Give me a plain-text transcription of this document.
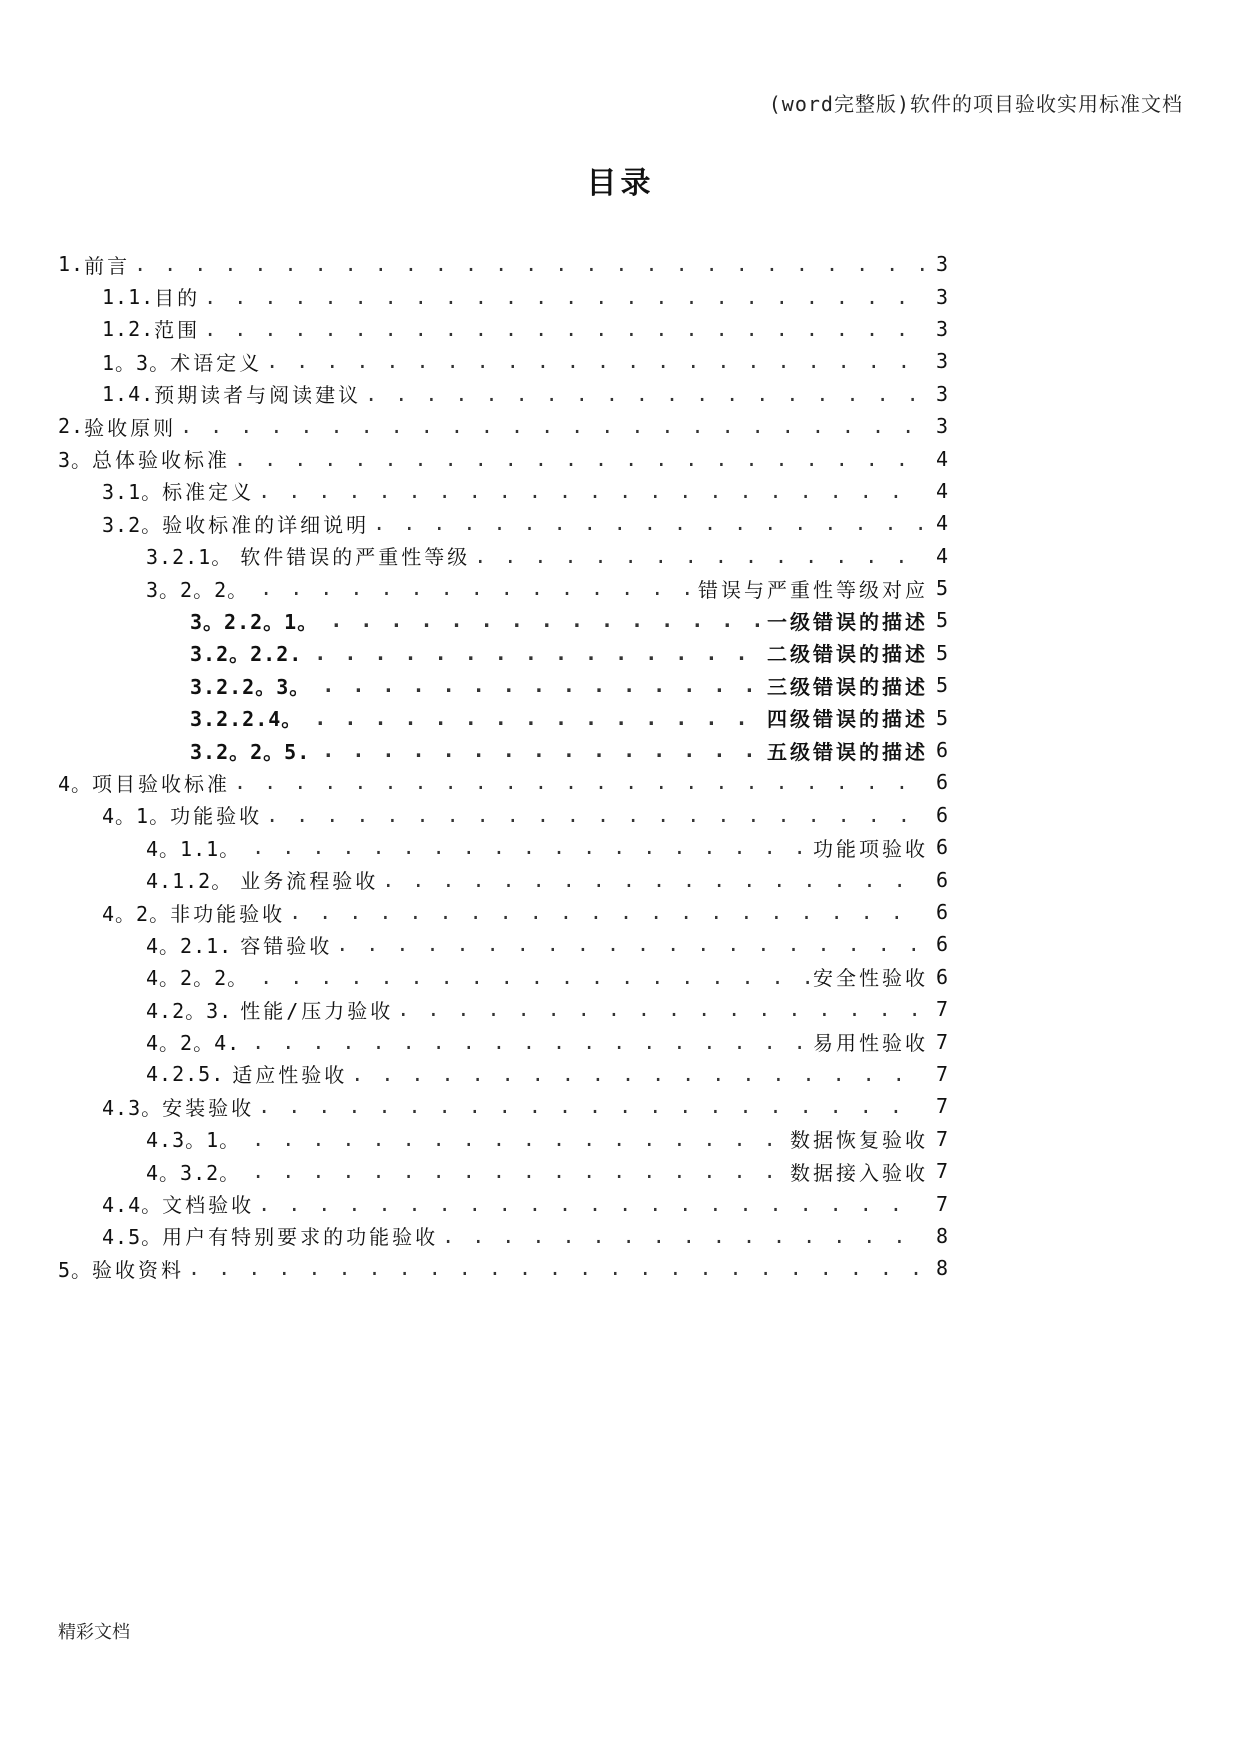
(word完整版)软件的项目验收实用标准文档
目录
1. 前言 . . .	3
1.1. 目的 . . .	3
1.2. 范围 . . .	3
1。3。 术语定义 . . .	3
1.4. 预期读者与阅读建议 . . .	3
2. 验收原则 . . .	3
3。 总体验收标准 . . .	4
3.1。 标准定义 . . .	4
3.2。 验收标准的详细说明 . . .	4
3.2.1。 软件错误的严重性等级 . . .	4
3。2。2。 . . .	错误与严重性等级对应 5
3。2.2。1。 . . .	一级错误的描述 5
3.2。2.2. . . .	二级错误的描述 5
3.2.2。3。 . . .	三级错误的描述 5
3.2.2.4。 . . .	四级错误的描述 5
3.2。2。5. . . .	五级错误的描述 6
4。 项目验收标准 . . .	6
4。1。 功能验收 . . .	6
4。1.1。 . . .	功能项验收 6
4.1.2。 业务流程验收 . . .	6
4。2。 非功能验收 . . .	6
4。2.1. 容错验收 . . .	6
4。2。2。 . . .	安全性验收 6
4.2。3. 性能/压力验收 . . .	7
4。2。4. . . .	易用性验收 7
4.2.5. 适应性验收 . . .	7
4.3。 安装验收 . . .	7
4.3。1。 . . .	数据恢复验收 7
4。3.2。 . . .	数据接入验收 7
4.4。 文档验收 . . .	7
4.5。 用户有特别要求的功能验收 . . .	8
5。 验收资料 . . .	8
精彩文档
